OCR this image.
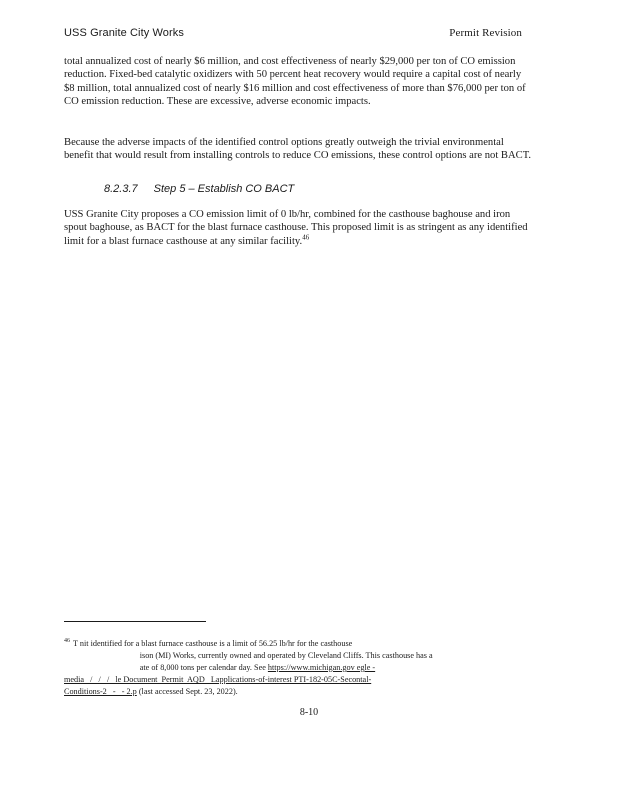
USS Granite City Works	Permit Revision

total annualized cost of nearly $6 million, and cost effectiveness of nearly $29,000 per ton of CO emission reduction. Fixed-bed catalytic oxidizers with 50 percent heat recovery would require a capital cost of nearly $8 million, total annualized cost of nearly $16 million and cost effectiveness of more than $76,000 per ton of CO emission reduction. These are excessive, adverse economic impacts.

Because the adverse impacts of the identified control options greatly outweigh the trivial environmental benefit that would result from installing controls to reduce CO emissions, these control options are not BACT.

8.2.3.7 Step 5 – Establish CO BACT

USS Granite City proposes a CO emission limit of 0 lb/hr, combined for the casthouse baghouse and iron spout baghouse, as BACT for the blast furnace casthouse. This proposed limit is as stringent as any identified limit for a blast furnace casthouse at any similar facility.$^{46}$

$^{46}$ T nit identified for a blast furnace casthouse is a limit of 56.25 lb/hr for the casthouse
ison (MI) Works, currently owned and operated by Cleveland Cliffs. This casthouse has a
ate of 8,000 tons per calendar day. See https://www.michigan.gov egle -
media   /   /   /   le Document  Permit  AQD   Lapplications-of-interest PTI-182-05C-Secontal-
Conditions-2   -   - 2.p (last accessed Sept. 23, 2022).
8-10
